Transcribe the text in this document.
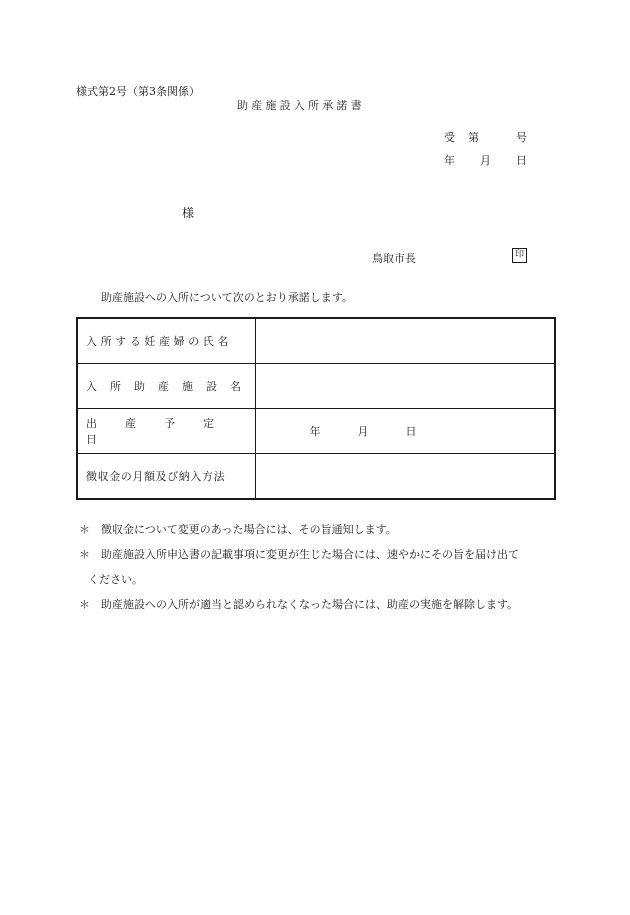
様式第2号（第3条関係）
助産施設入所承諾書
受 第	号
年 月 日
様
鳥取市長	印
助産施設への入所について次のとおり承諾します。
入所する妊産婦の氏名	
入所助産施設名	
出産予定日	年 月 日

徴収金の月額及び納入方法	
＊ 徴収金について変更のあった場合には、その旨通知します。
＊ 助産施設入所申込書の記載事項に変更が生じた場合には、速やかにその旨を届け出て
ください。
＊ 助産施設への入所が適当と認められなくなった場合には、助産の実施を解除します。
